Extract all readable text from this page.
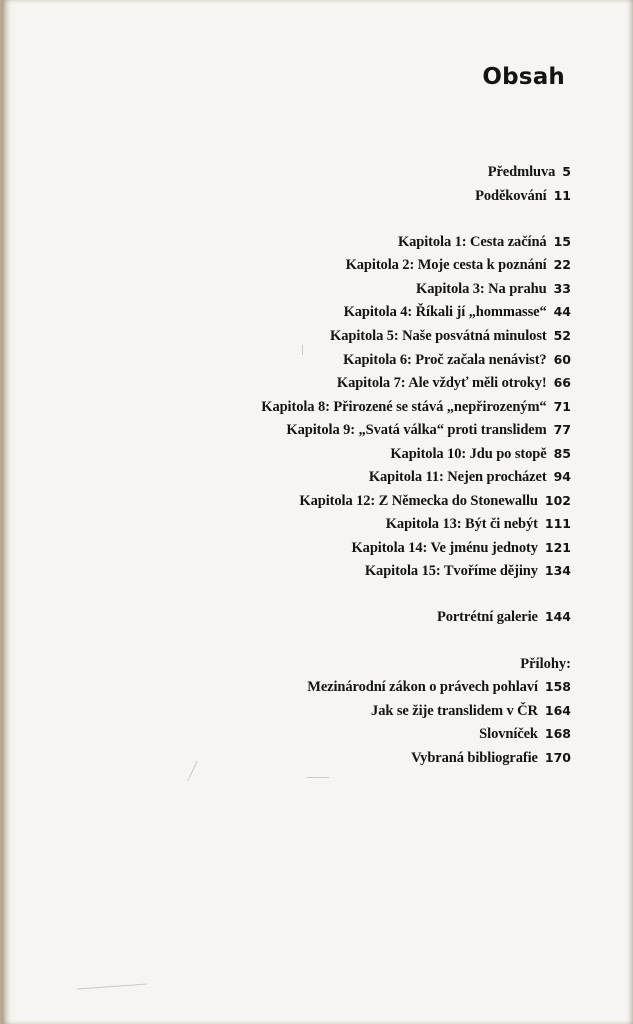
Obsah
Předmluva 5
Poděkování 11
Kapitola 1: Cesta začíná 15
Kapitola 2: Moje cesta k poznání 22
Kapitola 3: Na prahu 33
Kapitola 4: Říkali jí „hommasse“ 44
Kapitola 5: Naše posvátná minulost 52
Kapitola 6: Proč začala nenávist? 60
Kapitola 7: Ale vždyť měli otroky! 66
Kapitola 8: Přirozené se stává „nepřirozeným“ 71
Kapitola 9: „Svatá válka“ proti translidem 77
Kapitola 10: Jdu po stopě 85
Kapitola 11: Nejen procházet 94
Kapitola 12: Z Německa do Stonewallu 102
Kapitola 13: Být či nebýt 111
Kapitola 14: Ve jménu jednoty 121
Kapitola 15: Tvoříme dějiny 134
Portrétní galerie 144
Přílohy:
Mezinárodní zákon o právech pohlaví 158
Jak se žije translidem v ČR 164
Slovníček 168
Vybraná bibliografie 170
